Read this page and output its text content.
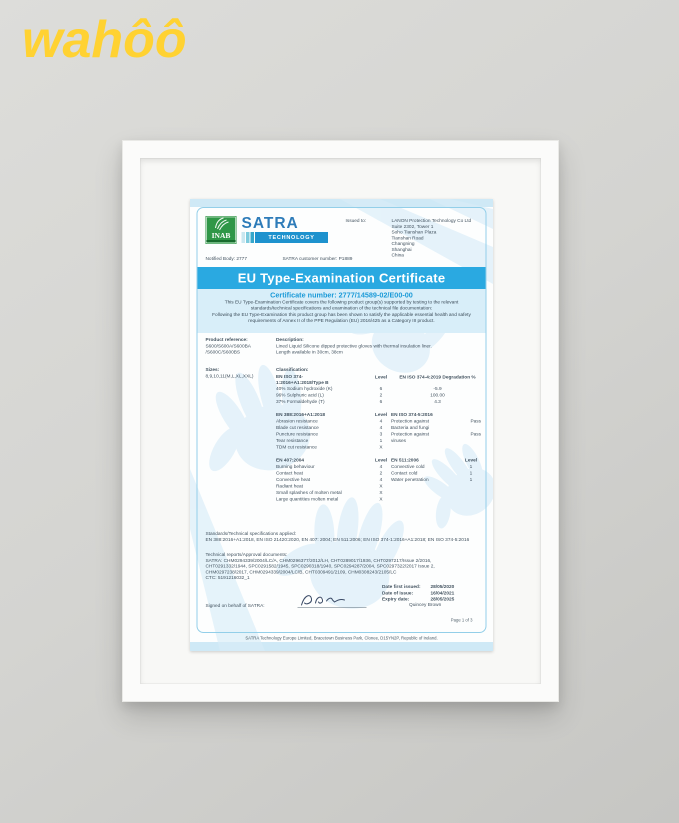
wahôô
INAB
SATRA
TECHNOLOGY
Issued to:	LANON Protection Technology Co Ltd
Suite 2302, Tower 1
Soho Tianshan Plaza
Tianshan Road
Changning
Shanghai
China
Notified Body: 2777	SATRA customer number: P1889
EU Type-Examination Certificate
Certificate number: 2777/14589-02/E00-00
This EU Type-Examination Certificate covers the following product group(s) supported by testing to the relevant standards/technical specifications and examination of the technical file documentation:
Following the EU Type-Examination this product group has been shown to satisfy the applicable essential health and safety requirements of Annex II of the PPE Regulation (EU) 2016/425 as a Category III product.
Product reference:
S600/S600A/S600BA
/S600C/S600BS
Description:
Lined Liquid Silicone dipped protective gloves with thermal insulation liner.
Length available in 30cm, 38cm
Sizes:
8,9,10,11(M,L,XL,XXL)
Classification:
EN ISO 374-
1:2016+A1:2018/Type B
Level	EN ISO 374-4:2019 Degradation %
40% Sodium hydroxide (K)	6	-5.9
96% Sulphuric acid (L)	2	100.00
37% Formaldehyde (T)	6	4.3
EN 388:2016+A1:2018	Level EN ISO 374-5:2016
Abrasion resistance	4 Protection against	Pass
Blade cut resistance	4 Bacteria and fungi
Puncture resistance	3 Protection against	Pass
Tear resistance	1 viruses
TDM cut resistance	X
EN 407:2004	Level EN 511:2006	Level
Burning behaviour	4 Convective cold	1
Contact heat	2 Contact cold	1
Convective heat	4 Water penetration	1
Radiant heat	X
Small splashes of molten metal	X
Large quantities molten metal	X
Standards/Technical specifications applied:
EN 388:2016+A1:2018, EN ISO 21420:2020, EN 407: 2004; EN 511:2006; EN ISO 374-1:2016+A1:2018; EN ISO 374-5:2016
Technical reports/Approval documents:
SATRA: CHM0294339/2004/LC/A, CHM0296377/2012/LH, CHT0289017/1936, CHT0297217/Issue 2/2016, CHT0291332/1944, SPC0291582/1945, SPC0290318/1940, SPC0294287/2004, SPC0297322/2017 Issue 2, CHM0297238/2017, CHM0294339/2004/LC/B, CHT0309491/2109, CHM0308243/2105/LC
CTC: 5191216032_1
Date first issued:	28/05/2020
Date of issue:	16/04/2021
Expiry date:	28/05/2025
Signed on behalf of SATRA:	Quincey Brown
Page 1 of 3
SATRA Technology Europe Limited, Bracetown Business Park, Clonee, D15YN2P, Republic of Ireland.
